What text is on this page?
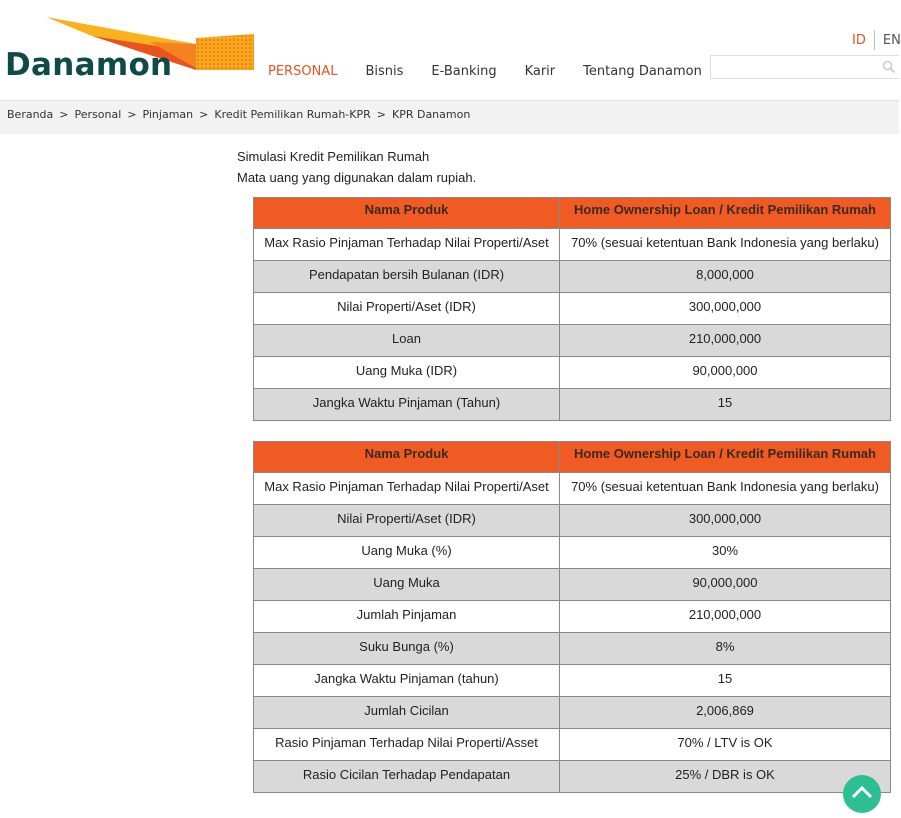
Danamon	PERSONAL Bisnis E-Banking Karir Tentang Danamon
ID EN
Beranda > Personal > Pinjaman > Kredit Pemilikan Rumah-KPR > KPR Danamon
Simulasi Kredit Pemilikan Rumah
Mata uang yang digunakan dalam rupiah.
Nama Produk	Home Ownership Loan / Kredit Pemilikan Rumah
Max Rasio Pinjaman Terhadap Nilai Properti/Aset	70% (sesuai ketentuan Bank Indonesia yang berlaku)
Pendapatan bersih Bulanan (IDR)	8,000,000
Nilai Properti/Aset (IDR)	300,000,000
Loan	210,000,000
Uang Muka (IDR)	90,000,000
Jangka Waktu Pinjaman (Tahun)	15
Nama Produk	Home Ownership Loan / Kredit Pemilikan Rumah
Max Rasio Pinjaman Terhadap Nilai Properti/Aset	70% (sesuai ketentuan Bank Indonesia yang berlaku)
Nilai Properti/Aset (IDR)	300,000,000
Uang Muka (%)	30%
Uang Muka	90,000,000
Jumlah Pinjaman	210,000,000
Suku Bunga (%)	8%
Jangka Waktu Pinjaman (tahun)	15
Jumlah Cicilan	2,006,869
Rasio Pinjaman Terhadap Nilai Properti/Asset	70% / LTV is OK
Rasio Cicilan Terhadap Pendapatan	25% / DBR is OK
